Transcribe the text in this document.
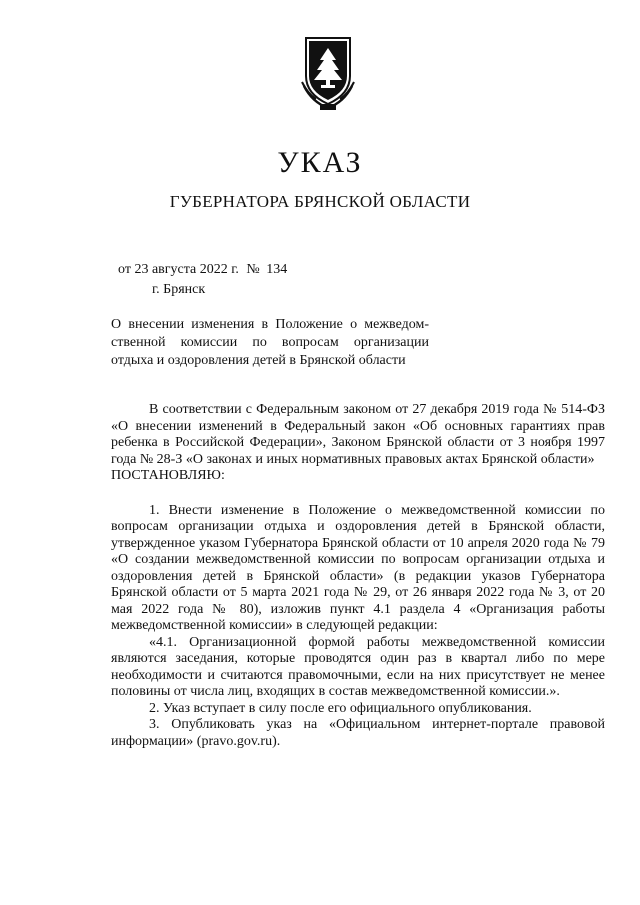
УКАЗ
ГУБЕРНАТОРА БРЯНСКОЙ ОБЛАСТИ
от 23 августа 2022 г. № 134
г. Брянск
О внесении изменения в Положение о межведом-
ственной комиссии по вопросам организации
отдыха и оздоровления детей в Брянской области

В соответствии с Федеральным законом от 27 декабря 2019 года № 514-ФЗ «О внесении изменений в Федеральный закон «Об основных гарантиях прав ребенка в Российской Федерации», Законом Брянской области от 3 ноября 1997 года № 28-З «О законах и иных нормативных правовых актах Брянской области»

ПОСТАНОВЛЯЮ:

1. Внести изменение в Положение о межведомственной комиссии по вопросам организации отдыха и оздоровления детей в Брянской области, утвержденное указом Губернатора Брянской области от 10 апреля 2020 года № 79 «О создании межведомственной комиссии по вопросам организации отдыха и оздоровления детей в Брянской области» (в редакции указов Губернатора Брянской области от 5 марта 2021 года № 29, от 26 января 2022 года № 3, от 20 мая 2022 года № 80), изложив пункт 4.1 раздела 4 «Организация работы межведомственной комиссии» в следующей редакции:

«4.1. Организационной формой работы межведомственной комиссии являются заседания, которые проводятся один раз в квартал либо по мере необходимости и считаются правомочными, если на них присутствует не менее половины от числа лиц, входящих в состав межведомственной комиссии.».

2. Указ вступает в силу после его официального опубликования.

3. Опубликовать указ на «Официальном интернет-портале правовой информации» (pravo.gov.ru).
